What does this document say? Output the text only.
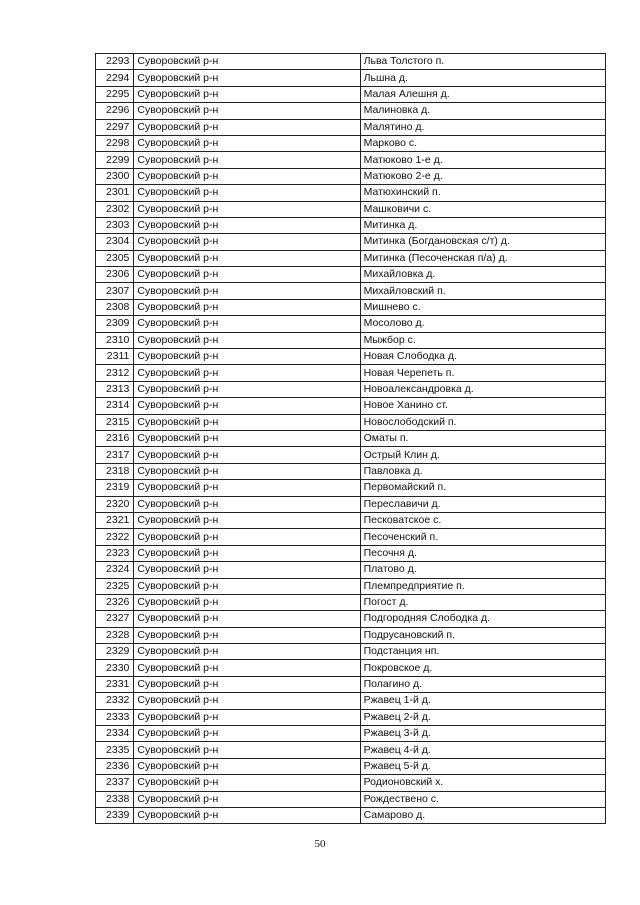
2293	Суворовский р-н	Льва Толстого п.
2294	Суворовский р-н	Льшна д.
2295	Суворовский р-н	Малая Алешня д.
2296	Суворовский р-н	Малиновка д.
2297	Суворовский р-н	Малятино д.
2298	Суворовский р-н	Марково с.
2299	Суворовский р-н	Матюково 1-е д.
2300	Суворовский р-н	Матюково 2-е д.
2301	Суворовский р-н	Матюхинский п.
2302	Суворовский р-н	Машковичи с.
2303	Суворовский р-н	Митинка д.
2304	Суворовский р-н	Митинка (Богдановская с/т) д.
2305	Суворовский р-н	Митинка (Песоченская п/а) д.
2306	Суворовский р-н	Михайловка д.
2307	Суворовский р-н	Михайловский п.
2308	Суворовский р-н	Мишнево с.
2309	Суворовский р-н	Мосолово д.
2310	Суворовский р-н	Мыжбор с.
2311	Суворовский р-н	Новая Слободка д.
2312	Суворовский р-н	Новая Черепеть п.
2313	Суворовский р-н	Новоалександровка д.
2314	Суворовский р-н	Новое Ханино ст.
2315	Суворовский р-н	Новослободский п.
2316	Суворовский р-н	Оматы п.
2317	Суворовский р-н	Острый Клин д.
2318	Суворовский р-н	Павловка д.
2319	Суворовский р-н	Первомайский п.
2320	Суворовский р-н	Переславичи д.
2321	Суворовский р-н	Песковатское с.
2322	Суворовский р-н	Песоченский п.
2323	Суворовский р-н	Песочня д.
2324	Суворовский р-н	Платово д.
2325	Суворовский р-н	Племпредприятие п.
2326	Суворовский р-н	Погост д.
2327	Суворовский р-н	Подгородняя Слободка д.
2328	Суворовский р-н	Подрусановский п.
2329	Суворовский р-н	Подстанция нп.
2330	Суворовский р-н	Покровское д.
2331	Суворовский р-н	Полагино д.
2332	Суворовский р-н	Ржавец 1-й д.
2333	Суворовский р-н	Ржавец 2-й д.
2334	Суворовский р-н	Ржавец 3-й д.
2335	Суворовский р-н	Ржавец 4-й д.
2336	Суворовский р-н	Ржавец 5-й д.
2337	Суворовский р-н	Родионовский х.
2338	Суворовский р-н	Рождествено с.
2339	Суворовский р-н	Самарово д.
50
